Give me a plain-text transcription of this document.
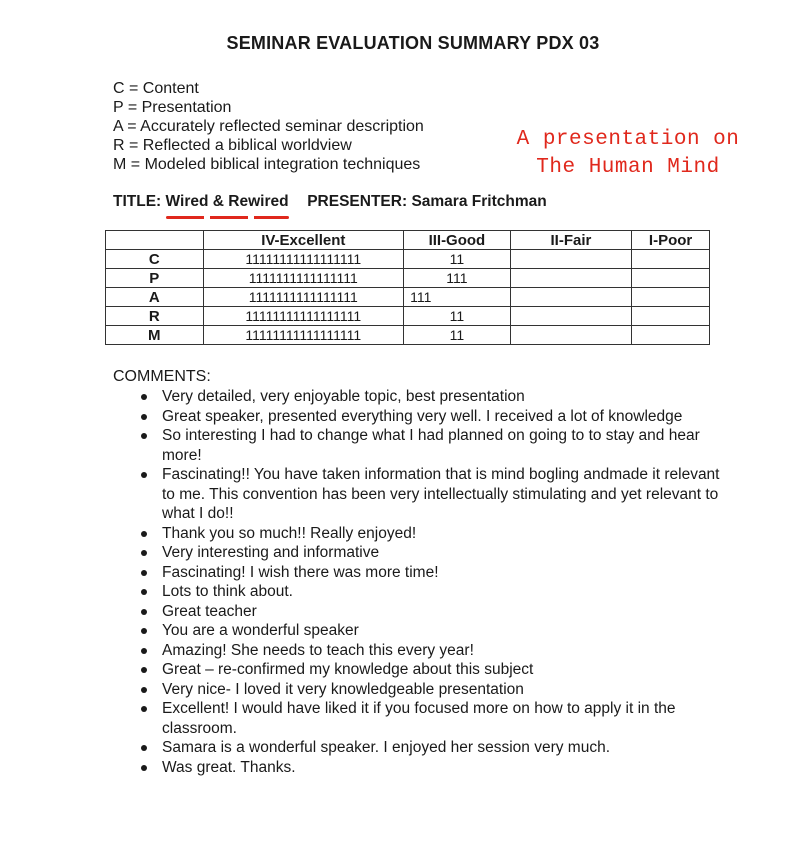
SEMINAR EVALUATION SUMMARY PDX 03
C = Content
P = Presentation
A = Accurately reflected seminar description
R = Reflected a biblical worldview
M = Modeled biblical integration techniques
A presentation on
The Human Mind
TITLE: Wired & Rewired PRESENTER: Samara Fritchman
	IV-Excellent	III-Good	II-Fair	I-Poor
C	11111111111111111	11		
P	1111111111111111	111		
A	1111111111111111	111		
R	11111111111111111	11		
M	11111111111111111	11		
COMMENTS:
Very detailed, very enjoyable topic, best presentation
Great speaker, presented everything very well. I received a lot of knowledge
So interesting I had to change what I had planned on going to to stay and hear more!
Fascinating!! You have taken information that is mind bogling andmade it relevant to me. This convention has been very intellectually stimulating and yet relevant to what I do!!
Thank you so much!! Really enjoyed!
Very interesting and informative
Fascinating! I wish there was more time!
Lots to think about.
Great teacher
You are a wonderful speaker
Amazing! She needs to teach this every year!
Great – re-confirmed my knowledge about this subject
Very nice- I loved it very knowledgeable presentation
Excellent! I would have liked it if you focused more on how to apply it in the classroom.
Samara is a wonderful speaker. I enjoyed her session very much.
Was great. Thanks.
